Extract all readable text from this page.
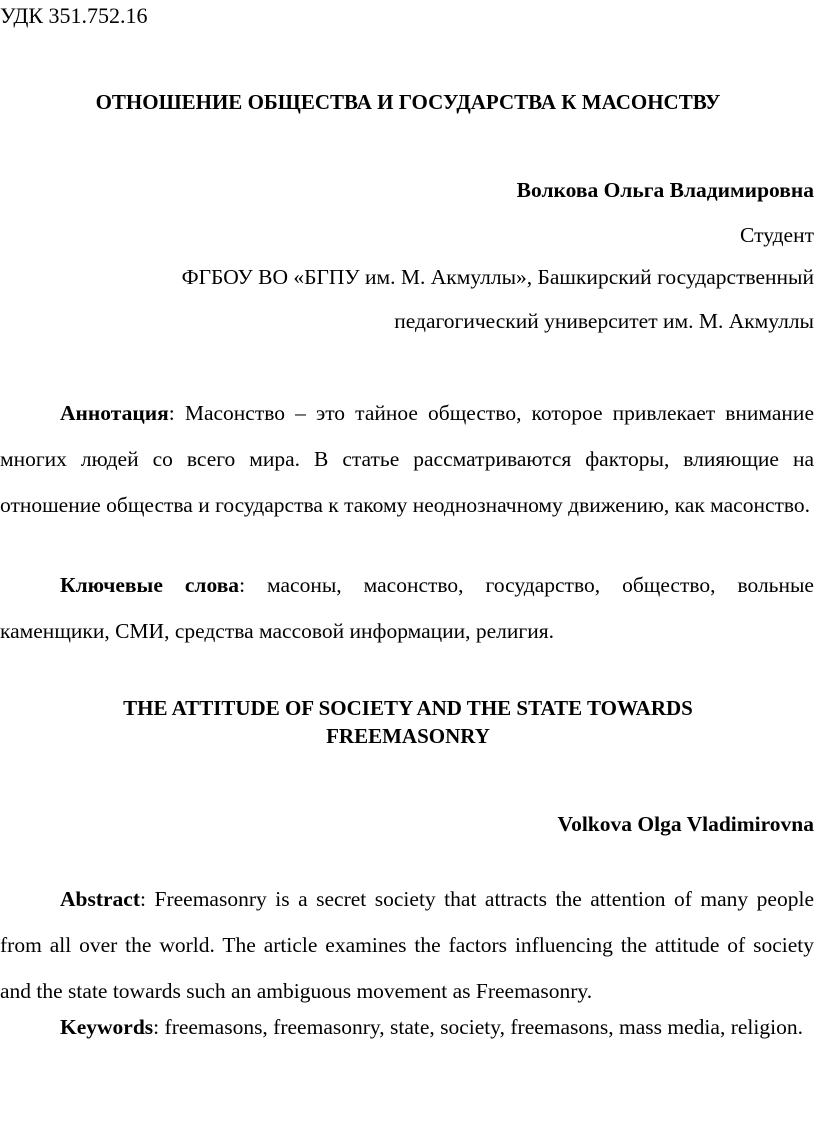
УДК 351.752.16
ОТНОШЕНИЕ ОБЩЕСТВА И ГОСУДАРСТВА К МАСОНСТВУ
Волкова Ольга Владимировна
Студент
ФГБОУ ВО «БГПУ им. М. Акмуллы», Башкирский государственный
педагогический университет им. М. Акмуллы
Аннотация: Масонство – это тайное общество, которое привлекает внимание многих людей со всего мира. В статье рассматриваются факторы, влияющие на отношение общества и государства к такому неоднозначному движению, как масонство.
Ключевые слова: масоны, масонство, государство, общество, вольные каменщики, СМИ, средства массовой информации, религия.
THE ATTITUDE OF SOCIETY AND THE STATE TOWARDS
FREEMASONRY
Volkova Olga Vladimirovna
Abstract: Freemasonry is a secret society that attracts the attention of many people from all over the world. The article examines the factors influencing the attitude of society and the state towards such an ambiguous movement as Freemasonry.
Keywords: freemasons, freemasonry, state, society, freemasons, mass media, religion.
